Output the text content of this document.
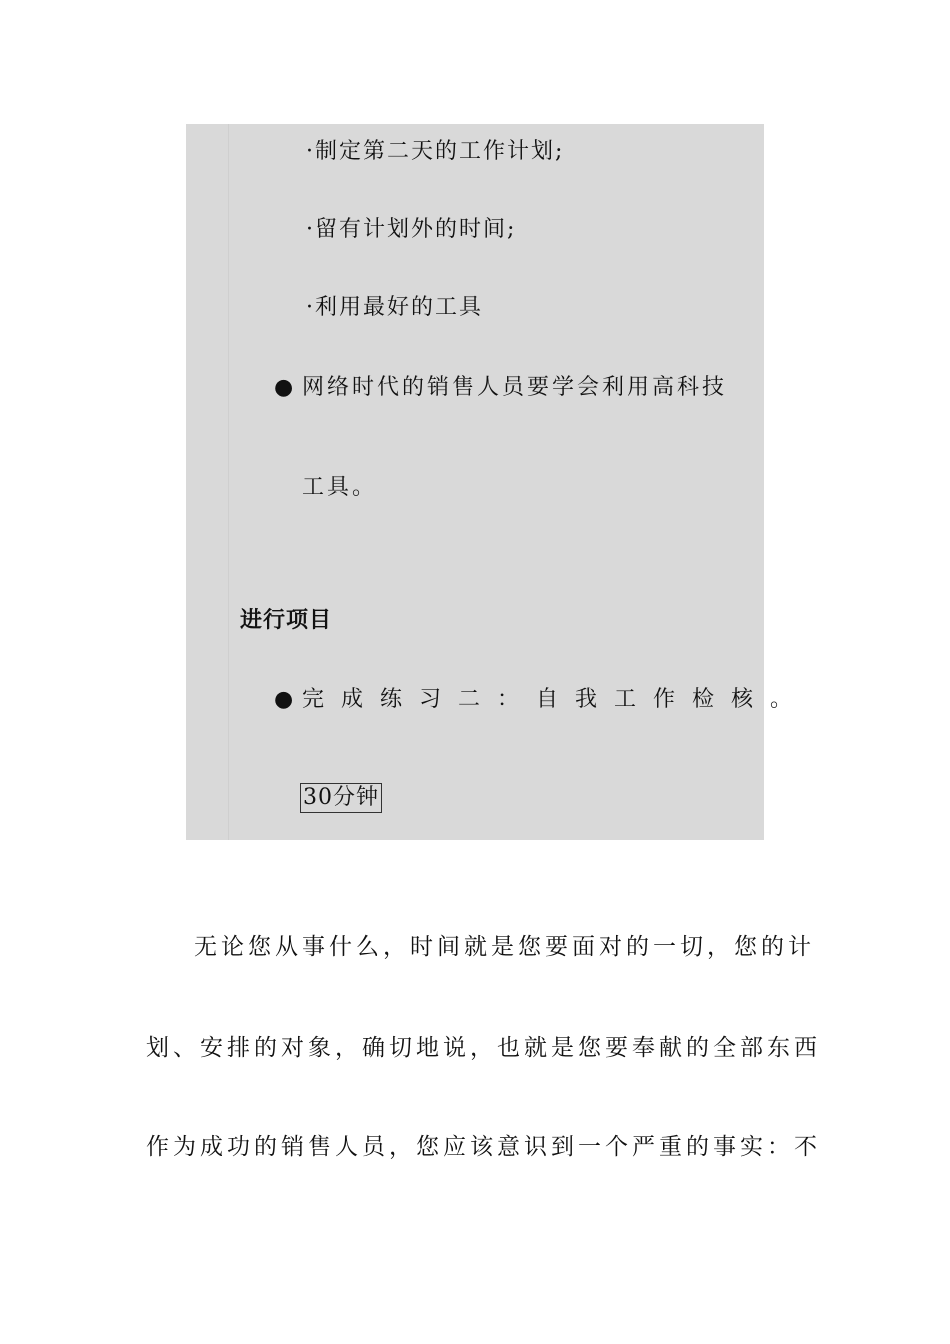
·制定第二天的工作计划;
·留有计划外的时间;
·利用最好的工具
● 网络时代的销售人员要学会利用高科技
工具。
进行项目
● 完成练习二：自我工作检核。
30分钟
无论您从事什么，时间就是您要面对的一切，您的计
划、安排的对象，确切地说，也就是您要奉献的全部东西
作为成功的销售人员，您应该意识到一个严重的事实：不
